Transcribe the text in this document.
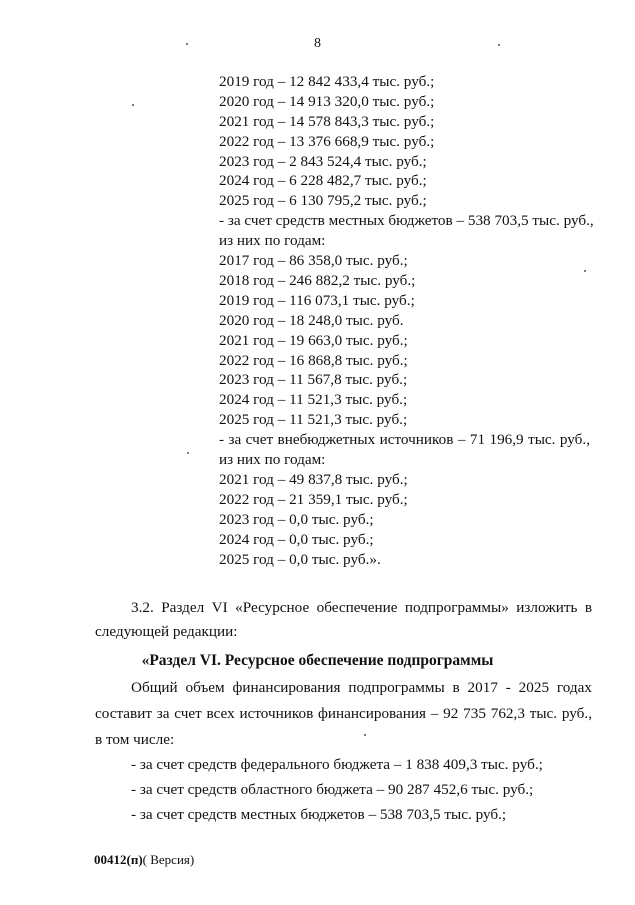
8
2019 год – 12 842 433,4 тыс. руб.;
2020 год – 14 913 320,0 тыс. руб.;
2021 год – 14 578 843,3 тыс. руб.;
2022 год – 13 376 668,9 тыс. руб.;
2023 год – 2 843 524,4 тыс. руб.;
2024 год – 6 228 482,7 тыс. руб.;
2025 год – 6 130 795,2 тыс. руб.;
- за счет средств местных бюджетов – 538 703,5 тыс. руб.,
из них по годам:
2017 год – 86 358,0 тыс. руб.;
2018 год – 246 882,2 тыс. руб.;
2019 год – 116 073,1 тыс. руб.;
2020 год – 18 248,0 тыс. руб.
2021 год – 19 663,0 тыс. руб.;
2022 год – 16 868,8 тыс. руб.;
2023 год – 11 567,8 тыс. руб.;
2024 год – 11 521,3 тыс. руб.;
2025 год – 11 521,3 тыс. руб.;
- за счет внебюджетных источников – 71 196,9 тыс. руб.,
из них по годам:
2021 год – 49 837,8 тыс. руб.;
2022 год – 21 359,1 тыс. руб.;
2023 год – 0,0 тыс. руб.;
2024 год – 0,0 тыс. руб.;
2025 год – 0,0 тыс. руб.».
3.2. Раздел VI «Ресурсное обеспечение подпрограммы» изложить в
следующей редакции:
«Раздел VI. Ресурсное обеспечение подпрограммы
Общий объем финансирования подпрограммы в 2017 - 2025 годах
составит за счет всех источников финансирования – 92 735 762,3 тыс. руб.,
в том числе:
- за счет средств федерального бюджета – 1 838 409,3 тыс. руб.;
- за счет средств областного бюджета – 90 287 452,6 тыс. руб.;
- за счет средств местных бюджетов – 538 703,5 тыс. руб.;
00412(п)( Версия)
